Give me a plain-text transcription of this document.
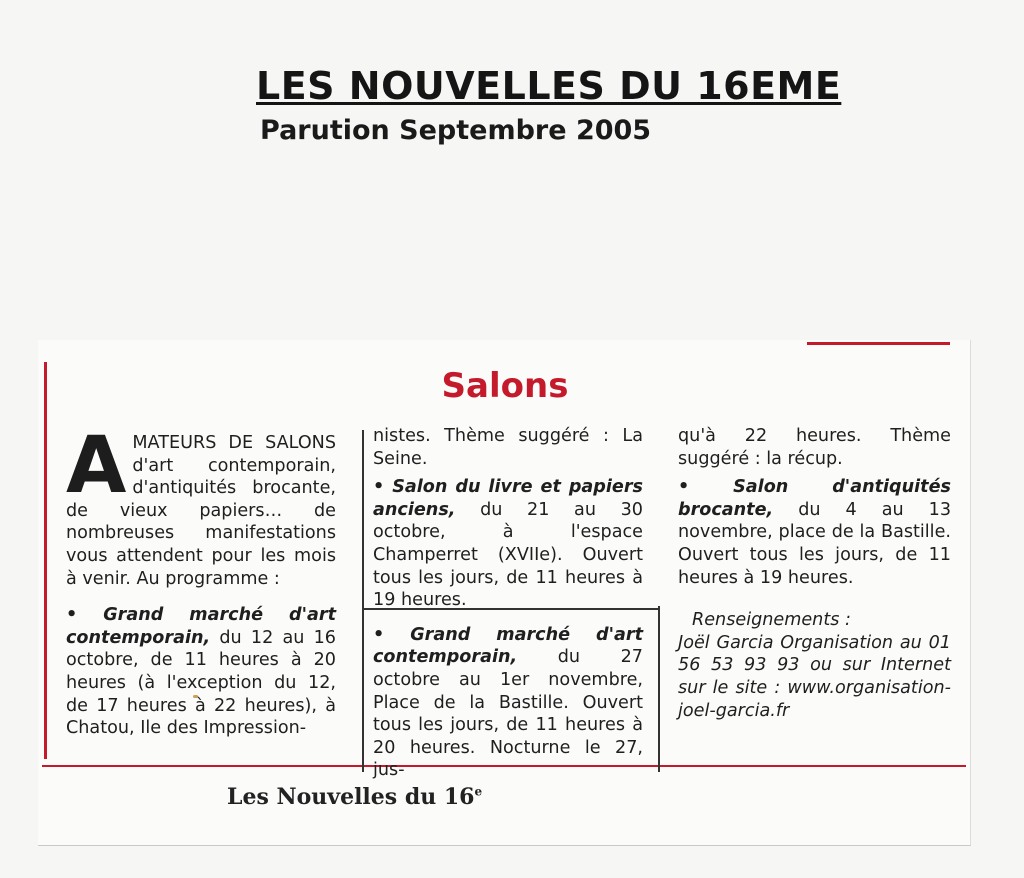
LES NOUVELLES DU 16EME
Parution Septembre 2005
Salons

A MATEURS DE SALONS d'art contemporain, d'antiquités brocante, de vieux papiers… de nombreuses manifestations vous attendent pour les mois à venir. Au programme :

• Grand marché d'art contemporain, du 12 au 16 octobre, de 11 heures à 20 heures (à l'exception du 12, de 17 heures à 22 heures), à Chatou, Ile des Impression-

nistes. Thème suggéré : La Seine.

• Salon du livre et papiers anciens, du 21 au 30 octobre, à l'espace Champerret (XVIIe). Ouvert tous les jours, de 11 heures à 19 heures.

• Grand marché d'art contemporain, du 27 octobre au 1er novembre, Place de la Bastille. Ouvert tous les jours, de 11 heures à 20 heures. Nocturne le 27, jus-

qu'à 22 heures. Thème suggéré : la récup.

• Salon d'antiquités brocante, du 4 au 13 novembre, place de la Bastille. Ouvert tous les jours, de 11 heures à 19 heures.

Renseignements :

Joël Garcia Organisation au 01 56 53 93 93 ou sur Internet sur le site : www.organisation-joel-garcia.fr

Les Nouvelles du 16e
